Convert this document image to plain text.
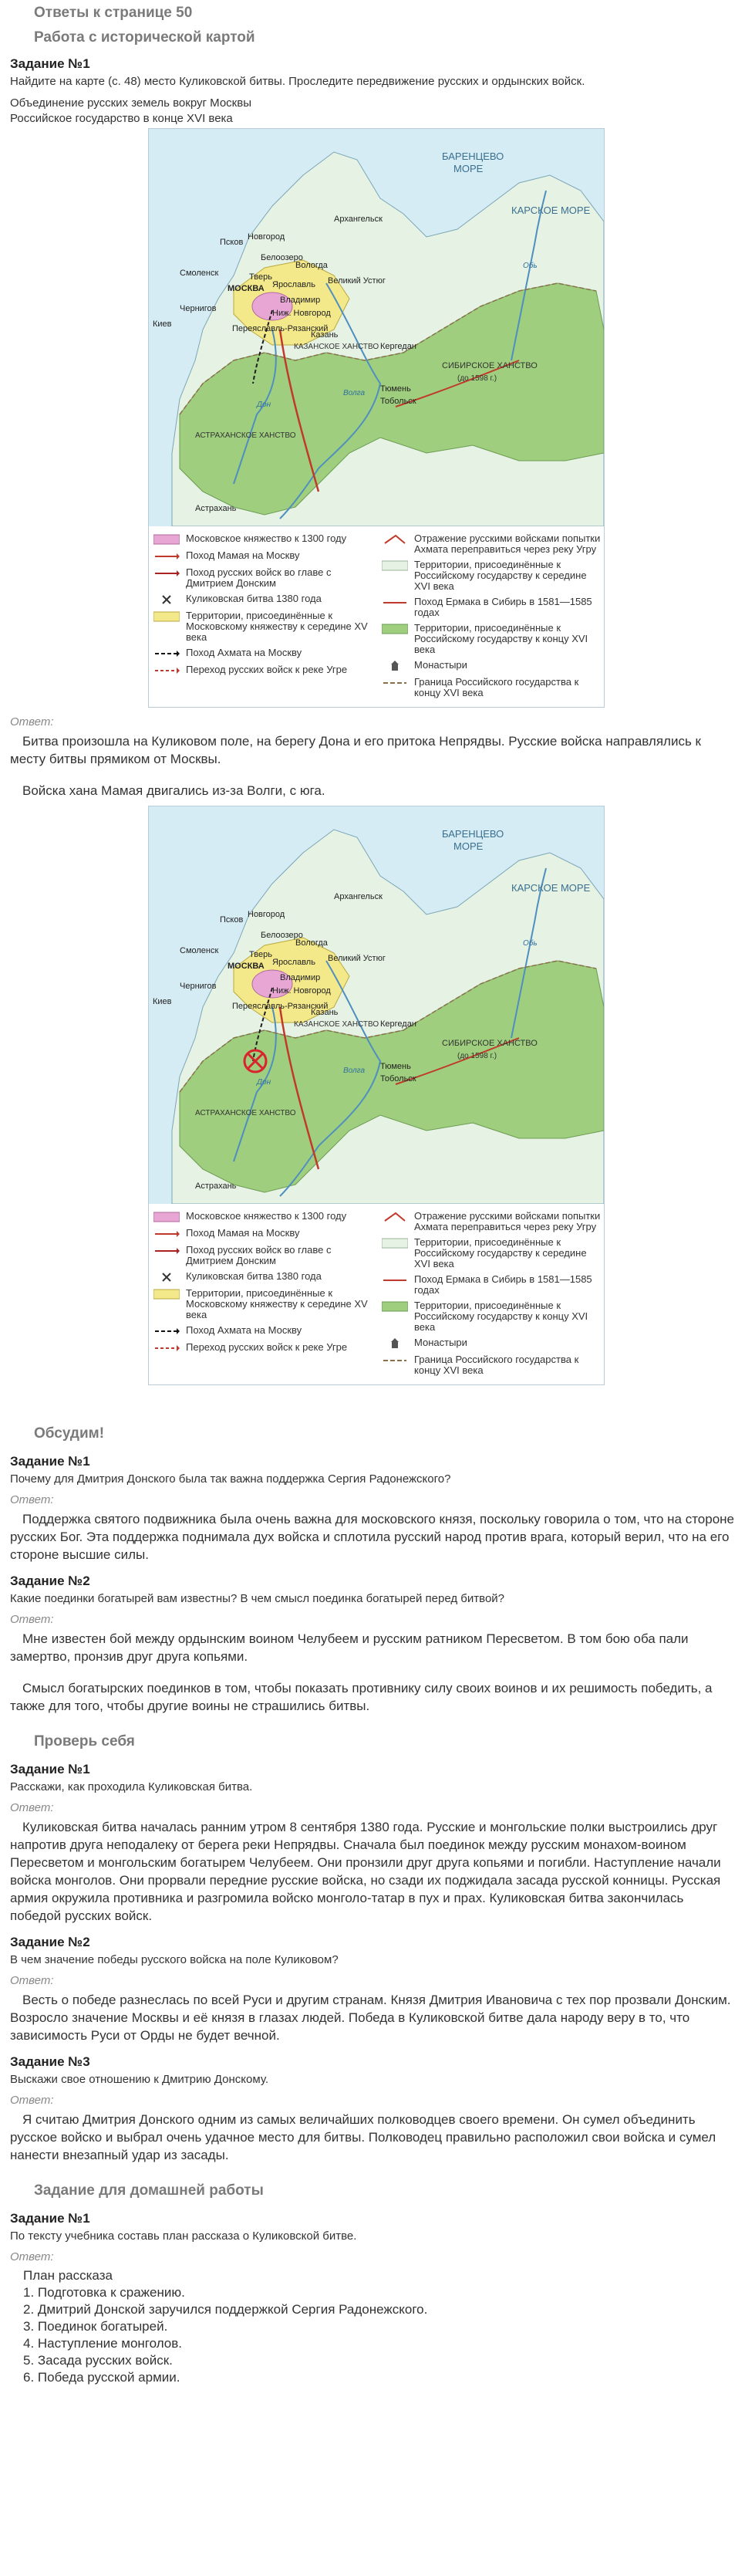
Ответы к странице 50
Работа с исторической картой

Задание №1

Найдите на карте (с. 48) место Куликовской битвы. Проследите передвижение русских и ордынских войск.

Объединение русских земель вокруг Москвы

Российское государство в конце XVI века

БАРЕНЦЕВО
МОРЕ
КАРСКОЕ МОРЕ
Архангельск
Псков
Новгород
Белоозеро
Тверь
МОСКВА Ярославль
Вологда
Великий Устюг
Смоленск
Владимир
Ниж. Новгород
Чернигов
Киев	Переяславль-Рязанский
Казань
КАЗАНСКОЕ ХАНСТВО Кергедан
Тюмень
Тобольск
СИБИРСКОЕ ХАНСТВО
(до 1598 г.)
АСТРАХАНСКОЕ ХАНСТВО
Астрахань
Волга
Дон
Обь
Московское княжество к 1300 году
Поход Мамая на Москву
Поход русских войск во главе с Дмитрием Донским
Куликовская битва 1380 года
Территории, присоединённые к Московскому княжеству к середине XV века
Поход Ахмата на Москву
Переход русских войск к реке Угре
Отражение русскими войсками попытки Ахмата переправиться через реку Угру
Территории, присоединённые к Российскому государству к середине XVI века
Поход Ермака в Сибирь в 1581—1585 годах
Территории, присоединённые к Российскому государству к концу XVI века
Монастыри
Граница Российского государства к концу XVI века

Ответ:

Битва произошла на Куликовом поле, на берегу Дона и его притока Непрядвы. Русские войска направлялись к месту битвы прямиком от Москвы.

Войска хана Мамая двигались из-за Волги, с юга.

БАРЕНЦЕВО
МОРЕ
КАРСКОЕ МОРЕ
Архангельск
Псков
Новгород
Белоозеро
Тверь
МОСКВА Ярославль
Вологда
Великий Устюг
Смоленск
Владимир
Ниж. Новгород
Чернигов
Киев	Переяславль-Рязанский
Казань
КАЗАНСКОЕ ХАНСТВО Кергедан
Тюмень
Тобольск
СИБИРСКОЕ ХАНСТВО
(до 1598 г.)
АСТРАХАНСКОЕ ХАНСТВО
Астрахань
Волга
Дон
Обь
Московское княжество к 1300 году
Поход Мамая на Москву
Поход русских войск во главе с Дмитрием Донским
Куликовская битва 1380 года
Территории, присоединённые к Московскому княжеству к середине XV века
Поход Ахмата на Москву
Переход русских войск к реке Угре
Отражение русскими войсками попытки Ахмата переправиться через реку Угру
Территории, присоединённые к Российскому государству к середине XVI века
Поход Ермака в Сибирь в 1581—1585 годах
Территории, присоединённые к Российскому государству к концу XVI века
Монастыри
Граница Российского государства к концу XVI века
Обсудим!

Задание №1

Почему для Дмитрия Донского была так важна поддержка Сергия Радонежского?

Ответ:

Поддержка святого подвижника была очень важна для московского князя, поскольку говорила о том, что на стороне русских Бог. Эта поддержка поднимала дух войска и сплотила русский народ против врага, который верил, что на его стороне высшие силы.

Задание №2

Какие поединки богатырей вам известны? В чем смысл поединка богатырей перед битвой?

Ответ:

Мне известен бой между ордынским воином Челубеем и русским ратником Пересветом. В том бою оба пали замертво, пронзив друг друга копьями.

Смысл богатырских поединков в том, чтобы показать противнику силу своих воинов и их решимость победить, а также для того, чтобы другие воины не страшились битвы.

Проверь себя

Задание №1

Расскажи, как проходила Куликовская битва.

Ответ:

Куликовская битва началась ранним утром 8 сентября 1380 года. Русские и монгольские полки выстроились друг напротив друга неподалеку от берега реки Непрядвы. Сначала был поединок между русским монахом-воином Пересветом и монгольским богатырем Челубеем. Они пронзили друг друга копьями и погибли. Наступление начали войска монголов. Они прорвали передние русские войска, но сзади их поджидала засада русской конницы. Русская армия окружила противника и разгромила войско монголо-татар в пух и прах. Куликовская битва закончилась победой русских войск.

Задание №2

В чем значение победы русского войска на поле Куликовом?

Ответ:

Весть о победе разнеслась по всей Руси и другим странам. Князя Дмитрия Ивановича с тех пор прозвали Донским. Возросло значение Москвы и её князя в глазах людей. Победа в Куликовской битве дала народу веру в то, что зависимость Руси от Орды не будет вечной.

Задание №3

Выскажи свое отношению к Дмитрию Донскому.

Ответ:

Я считаю Дмитрия Донского одним из самых величайших полководцев своего времени. Он сумел объединить русское войско и выбрал очень удачное место для битвы. Полководец правильно расположил свои войска и сумел нанести внезапный удар из засады.

Задание для домашней работы

Задание №1

По тексту учебника составь план рассказа о Куликовской битве.

Ответ:

План рассказа

1. Подготовка к сражению.

2. Дмитрий Донской заручился поддержкой Сергия Радонежского.

3. Поединок богатырей.

4. Наступление монголов.

5. Засада русских войск.

6. Победа русской армии.
